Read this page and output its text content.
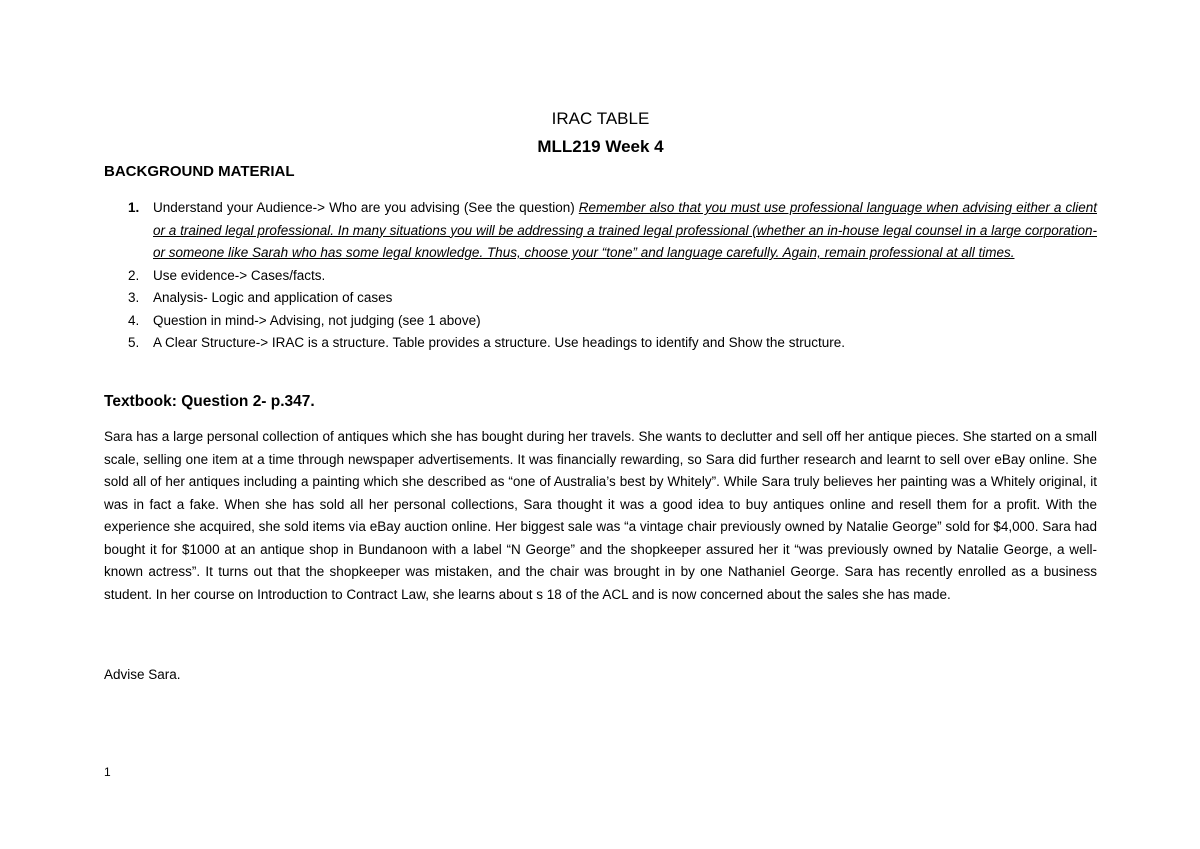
IRAC TABLE
MLL219 Week 4
BACKGROUND MATERIAL
1. Understand your Audience-> Who are you advising (See the question) Remember also that you must use professional language when advising either a client or a trained legal professional. In many situations you will be addressing a trained legal professional (whether an in-house legal counsel in a large corporation- or someone like Sarah who has some legal knowledge. Thus, choose your “tone” and language carefully. Again, remain professional at all times.
2. Use evidence-> Cases/facts.
3. Analysis- Logic and application of cases
4. Question in mind-> Advising, not judging (see 1 above)
5. A Clear Structure-> IRAC is a structure. Table provides a structure. Use headings to identify and Show the structure.
Textbook: Question 2- p.347.

Sara has a large personal collection of antiques which she has bought during her travels. She wants to declutter and sell off her antique pieces. She started on a small scale, selling one item at a time through newspaper advertisements. It was financially rewarding, so Sara did further research and learnt to sell over eBay online. She sold all of her antiques including a painting which she described as “one of Australia’s best by Whitely”. While Sara truly believes her painting was a Whitely original, it was in fact a fake. When she has sold all her personal collections, Sara thought it was a good idea to buy antiques online and resell them for a profit. With the experience she acquired, she sold items via eBay auction online. Her biggest sale was “a vintage chair previously owned by Natalie George” sold for $4,000. Sara had bought it for $1000 at an antique shop in Bundanoon with a label “N George” and the shopkeeper assured her it “was previously owned by Natalie George, a well-known actress”. It turns out that the shopkeeper was mistaken, and the chair was brought in by one Nathaniel George. Sara has recently enrolled as a business student. In her course on Introduction to Contract Law, she learns about s 18 of the ACL and is now concerned about the sales she has made.

Advise Sara.

1
